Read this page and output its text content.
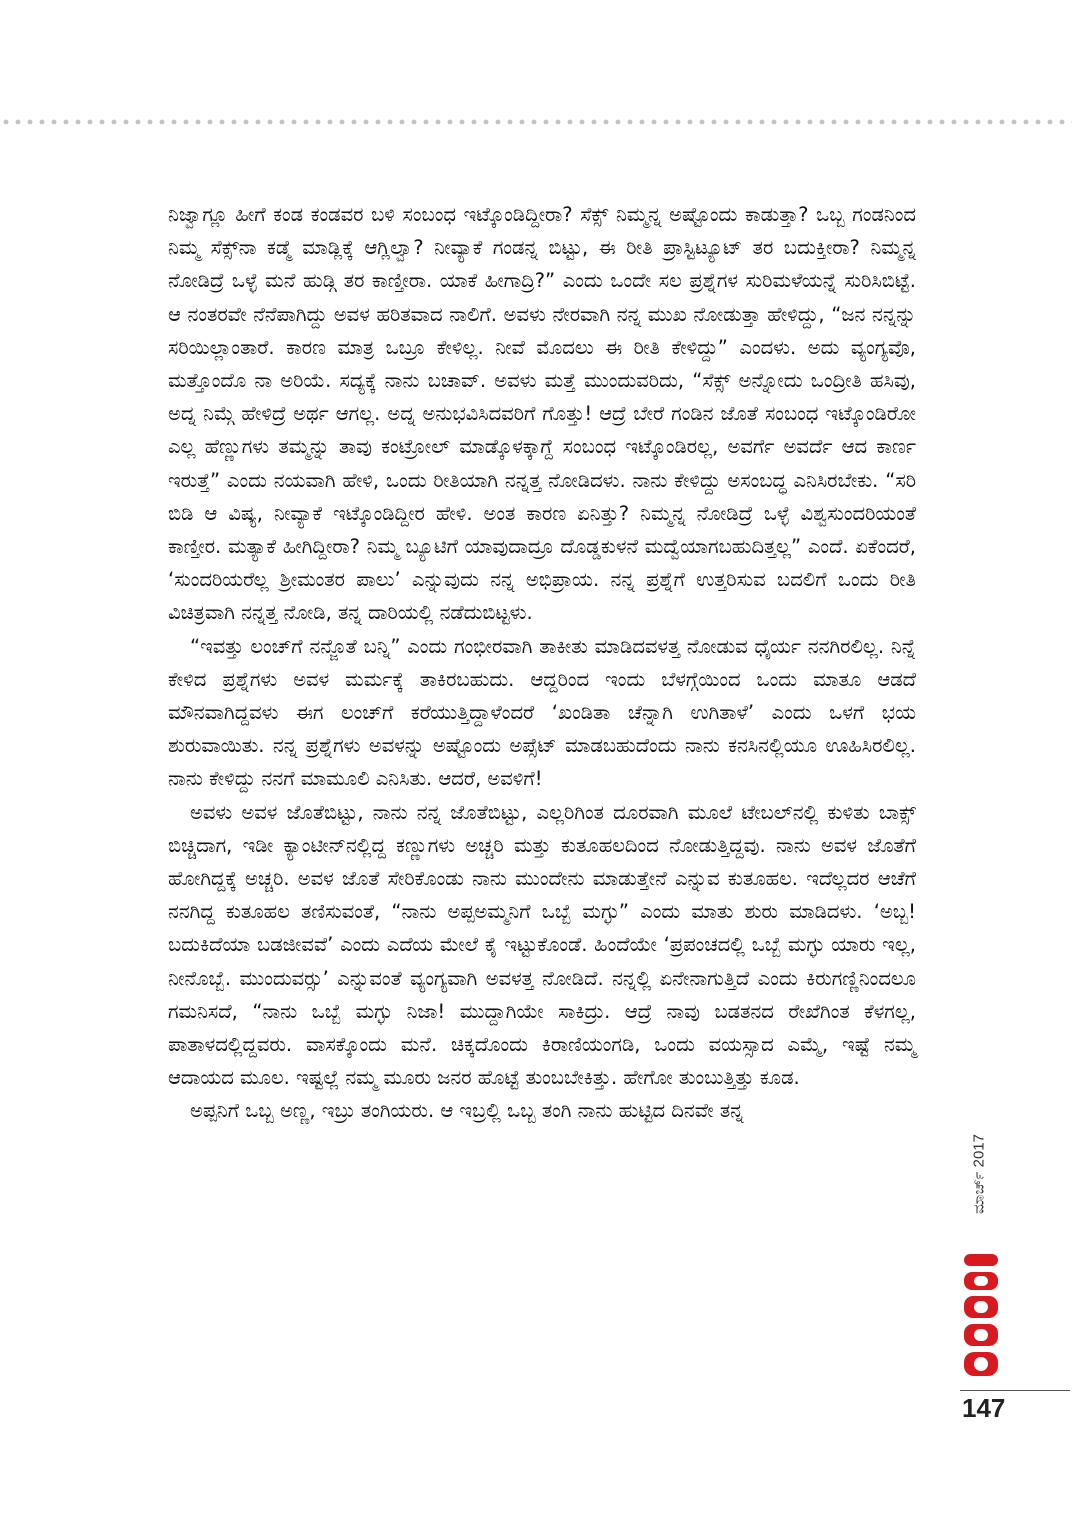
ನಿಜ್ವಾಗ್ಲೂ ಹೀಗೆ ಕಂಡ ಕಂಡವರ ಬಳಿ ಸಂಬಂಧ ಇಟ್ಕೊಂಡಿದ್ದೀರಾ? ಸೆಕ್ಸ್ ನಿಮ್ಮನ್ನ ಅಷ್ಟೊಂದು ಕಾಡುತ್ತಾ? ಒಬ್ಬ ಗಂಡನಿಂದ ನಿಮ್ಮ ಸೆಕ್ಸ್‌ನಾ ಕಡ್ಮೆ ಮಾಡ್ಲಿಕ್ಕೆ ಆಗ್ಲಿಲ್ವಾ? ನೀವ್ಯಾಕೆ ಗಂಡನ್ನ ಬಿಟ್ಟು, ಈ ರೀತಿ ಪ್ರಾಸ್ಟಿಟ್ಯೂಟ್ ತರ ಬದುಕ್ತೀರಾ? ನಿಮ್ಮನ್ನ ನೋಡಿದ್ರೆ ಒಳ್ಳೆ ಮನೆ ಹುಡ್ಗಿ ತರ ಕಾಣ್ತೀರಾ. ಯಾಕೆ ಹೀಗಾದ್ರಿ?” ಎಂದು ಒಂದೇ ಸಲ ಪ್ರಶ್ನೆಗಳ ಸುರಿಮಳೆಯನ್ನೆ ಸುರಿಸಿಬಿಟ್ಟೆ. ಆ ನಂತರವೇ ನೆನೆಪಾಗಿದ್ದು ಅವಳ ಹರಿತವಾದ ನಾಲಿಗೆ. ಅವಳು ನೇರವಾಗಿ ನನ್ನ ಮುಖ ನೋಡುತ್ತಾ ಹೇಳಿದ್ದು, “ಜನ ನನ್ನನ್ನು ಸರಿಯಿಲ್ಲಾಂತಾರೆ. ಕಾರಣ ಮಾತ್ರ ಒಬ್ರೂ ಕೇಳಿಲ್ಲ. ನೀವೆ ಮೊದಲು ಈ ರೀತಿ ಕೇಳಿದ್ದು” ಎಂದಳು. ಅದು ವ್ಯಂಗ್ಯವೊ, ಮತ್ತೊಂದೊ ನಾ ಅರಿಯೆ. ಸದ್ಯಕ್ಕೆ ನಾನು ಬಚಾವ್. ಅವಳು ಮತ್ತೆ ಮುಂದುವರಿದು, “ಸೆಕ್ಸ್ ಅನ್ನೋದು ಒಂದ್ರೀತಿ ಹಸಿವು, ಅದ್ನ ನಿಮ್ಗೆ ಹೇಳಿದ್ರೆ ಅರ್ಥ ಆಗಲ್ಲ. ಅದ್ನ ಅನುಭವಿಸಿದವರಿಗೆ ಗೊತ್ತು! ಆದ್ರೆ ಬೇರೆ ಗಂಡಿನ ಜೊತೆ ಸಂಬಂಧ ಇಟ್ಕೊಂಡಿರೋ ಎಲ್ಲ ಹೆಣ್ಣುಗಳು ತಮ್ಮನ್ನು ತಾವು ಕಂಟ್ರೋಲ್ ಮಾಡ್ಕೊಳಕ್ಕಾಗ್ದೆ ಸಂಬಂಧ ಇಟ್ಕೊಂಡಿರಲ್ಲ, ಅವರ್ಗೆ ಅವರ್ದೆ ಆದ ಕಾರ್ಣ ಇರುತ್ತೆ” ಎಂದು ನಯವಾಗಿ ಹೇಳಿ, ಒಂದು ರೀತಿಯಾಗಿ ನನ್ನತ್ತ ನೋಡಿದಳು. ನಾನು ಕೇಳಿದ್ದು ಅಸಂಬದ್ಧ ಎನಿಸಿರಬೇಕು. “ಸರಿ ಬಿಡಿ ಆ ವಿಷ್ಯ, ನೀವ್ಯಾಕೆ ಇಟ್ಕೊಂಡಿದ್ದೀರ ಹೇಳಿ. ಅಂತ ಕಾರಣ ಏನಿತ್ತು? ನಿಮ್ಮನ್ನ ನೋಡಿದ್ರೆ ಒಳ್ಳೆ ವಿಶ್ವಸುಂದರಿಯಂತೆ ಕಾಣ್ತೀರ. ಮತ್ಯಾಕೆ ಹೀಗಿದ್ದೀರಾ? ನಿಮ್ಮ ಬ್ಯೂಟಿಗೆ ಯಾವುದಾದ್ರೂ ದೊಡ್ಡಕುಳನೆ ಮದ್ವೆಯಾಗಬಹುದಿತ್ತಲ್ಲ” ಎಂದೆ. ಏಕೆಂದರೆ, ‘ಸುಂದರಿಯರೆಲ್ಲ ಶ್ರೀಮಂತರ ಪಾಲು’ ಎನ್ನುವುದು ನನ್ನ ಅಭಿಪ್ರಾಯ. ನನ್ನ ಪ್ರಶ್ನೆಗೆ ಉತ್ತರಿಸುವ ಬದಲಿಗೆ ಒಂದು ರೀತಿ ವಿಚಿತ್ರವಾಗಿ ನನ್ನತ್ತ ನೋಡಿ, ತನ್ನ ದಾರಿಯಲ್ಲಿ ನಡೆದುಬಿಟ್ಟಳು.

“ಇವತ್ತು ಲಂಚ್‌ಗೆ ನನ್ಜೊತೆ ಬನ್ನಿ” ಎಂದು ಗಂಭೀರವಾಗಿ ತಾಕೀತು ಮಾಡಿದವಳತ್ತ ನೋಡುವ ಧೈರ್ಯ ನನಗಿರಲಿಲ್ಲ. ನಿನ್ನೆ ಕೇಳಿದ ಪ್ರಶ್ನೆಗಳು ಅವಳ ಮರ್ಮಕ್ಕೆ ತಾಕಿರಬಹುದು. ಆದ್ದರಿಂದ ಇಂದು ಬೆಳಗ್ಗೆಯಿಂದ ಒಂದು ಮಾತೂ ಆಡದೆ ಮೌನವಾಗಿದ್ದವಳು ಈಗ ಲಂಚ್‌ಗೆ ಕರೆಯುತ್ತಿದ್ದಾಳೆಂದರೆ ‘ಖಂಡಿತಾ ಚೆನ್ನಾಗಿ ಉಗಿತಾಳೆ’ ಎಂದು ಒಳಗೆ ಭಯ ಶುರುವಾಯಿತು. ನನ್ನ ಪ್ರಶ್ನೆಗಳು ಅವಳನ್ನು ಅಷ್ಟೊಂದು ಅಪ್ಸೆಟ್ ಮಾಡಬಹುದೆಂದು ನಾನು ಕನಸಿನಲ್ಲಿಯೂ ಊಹಿಸಿರಲಿಲ್ಲ. ನಾನು ಕೇಳಿದ್ದು ನನಗೆ ಮಾಮೂಲಿ ಎನಿಸಿತು. ಆದರೆ, ಅವಳಿಗೆ!

ಅವಳು ಅವಳ ಜೊತೆಬಿಟ್ಟು, ನಾನು ನನ್ನ ಜೊತೆಬಿಟ್ಟು, ಎಲ್ಲರಿಗಿಂತ ದೂರವಾಗಿ ಮೂಲೆ ಟೇಬಲ್‌ನಲ್ಲಿ ಕುಳಿತು ಬಾಕ್ಸ್ ಬಿಚ್ಚಿದಾಗ, ಇಡೀ ಕ್ಯಾಂಟೀನ್‌ನಲ್ಲಿದ್ದ ಕಣ್ಣುಗಳು ಅಚ್ಚರಿ ಮತ್ತು ಕುತೂಹಲದಿಂದ ನೋಡುತ್ತಿದ್ದವು. ನಾನು ಅವಳ ಜೊತೆಗೆ ಹೋಗಿದ್ದಕ್ಕೆ ಅಚ್ಚರಿ. ಅವಳ ಜೊತೆ ಸೇರಿಕೊಂಡು ನಾನು ಮುಂದೇನು ಮಾಡುತ್ತೇನೆ ಎನ್ನುವ ಕುತೂಹಲ. ಇದೆಲ್ಲದರ ಆಚೆಗೆ ನನಗಿದ್ದ ಕುತೂಹಲ ತಣಿಸುವಂತೆ, “ನಾನು ಅಪ್ಪಅಮ್ಮನಿಗೆ ಒಬ್ಬೆ ಮಗ್ಳು” ಎಂದು ಮಾತು ಶುರು ಮಾಡಿದಳು. ‘ಅಬ್ಬ! ಬದುಕಿದೆಯಾ ಬಡಜೀವವೆ’ ಎಂದು ಎದೆಯ ಮೇಲೆ ಕೈ ಇಟ್ಟುಕೊಂಡೆ. ಹಿಂದೆಯೇ ‘ಪ್ರಪಂಚದಲ್ಲಿ ಒಬ್ಬೆ ಮಗ್ಳು ಯಾರು ಇಲ್ಲ, ನೀನೊಬ್ಬೆ. ಮುಂದುವರ್‍ಸು’ ಎನ್ನುವಂತೆ ವ್ಯಂಗ್ಯವಾಗಿ ಅವಳತ್ತ ನೋಡಿದೆ. ನನ್ನಲ್ಲಿ ಏನೇನಾಗುತ್ತಿದೆ ಎಂದು ಕಿರುಗಣ್ಣಿನಿಂದಲೂ ಗಮನಿಸದೆ, “ನಾನು ಒಬ್ಬೆ ಮಗ್ಳು ನಿಜಾ! ಮುದ್ದಾಗಿಯೇ ಸಾಕಿದ್ರು. ಆದ್ರೆ ನಾವು ಬಡತನದ ರೇಖೆಗಿಂತ ಕೆಳಗಲ್ಲ, ಪಾತಾಳದಲ್ಲಿದ್ದವರು. ವಾಸಕ್ಕೊಂದು ಮನೆ. ಚಿಕ್ಕದೊಂದು ಕಿರಾಣಿಯಂಗಡಿ, ಒಂದು ವಯಸ್ಸಾದ ಎಮ್ಮೆ, ಇಷ್ಟೆ ನಮ್ಮ ಆದಾಯದ ಮೂಲ. ಇಷ್ಟಲ್ಲೆ ನಮ್ಮ ಮೂರು ಜನರ ಹೊಟ್ಟೆ ತುಂಬಬೇಕಿತ್ತು. ಹೇಗೋ ತುಂಬುತ್ತಿತ್ತು ಕೂಡ.

ಅಪ್ಪನಿಗೆ ಒಬ್ಬ ಅಣ್ಣ, ಇಬ್ರು ತಂಗಿಯರು. ಆ ಇಬ್ರಲ್ಲಿ ಒಬ್ಬ ತಂಗಿ ನಾನು ಹುಟ್ಟಿದ ದಿನವೇ ತನ್ನ

ಮಾರ್ಚ್ 2017
147
